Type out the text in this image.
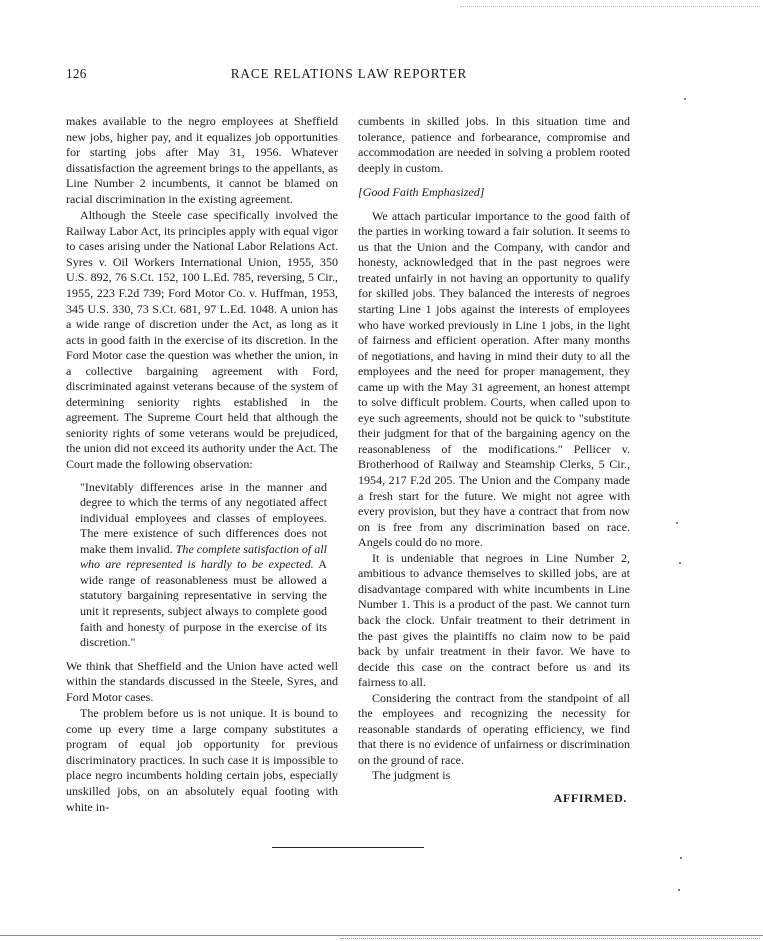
126	RACE RELATIONS LAW REPORTER

makes available to the negro employees at Sheffield new jobs, higher pay, and it equalizes job opportunities for starting jobs after May 31, 1956. Whatever dissatisfaction the agreement brings to the appellants, as Line Number 2 incumbents, it cannot be blamed on racial discrimination in the existing agreement.

Although the Steele case specifically involved the Railway Labor Act, its principles apply with equal vigor to cases arising under the National Labor Relations Act. Syres v. Oil Workers International Union, 1955, 350 U.S. 892, 76 S.Ct. 152, 100 L.Ed. 785, reversing, 5 Cir., 1955, 223 F.2d 739; Ford Motor Co. v. Huffman, 1953, 345 U.S. 330, 73 S.Ct. 681, 97 L.Ed. 1048. A union has a wide range of discretion under the Act, as long as it acts in good faith in the exercise of its discretion. In the Ford Motor case the question was whether the union, in a collective bargaining agreement with Ford, discriminated against veterans because of the system of determining seniority rights established in the agreement. The Supreme Court held that although the seniority rights of some veterans would be prejudiced, the union did not exceed its authority under the Act. The Court made the following observation:

"Inevitably differences arise in the manner and degree to which the terms of any negotiated affect individual employees and classes of employees. The mere existence of such differences does not make them invalid. The complete satisfaction of all who are represented is hardly to be expected. A wide range of reasonableness must be allowed a statutory bargaining representative in serving the unit it represents, subject always to complete good faith and honesty of purpose in the exercise of its discretion."

We think that Sheffield and the Union have acted well within the standards discussed in the Steele, Syres, and Ford Motor cases.

The problem before us is not unique. It is bound to come up every time a large company substitutes a program of equal job opportunity for previous discriminatory practices. In such case it is impossible to place negro incumbents holding certain jobs, especially unskilled jobs, on an absolutely equal footing with white in-

cumbents in skilled jobs. In this situation time and tolerance, patience and forbearance, compromise and accommodation are needed in solving a problem rooted deeply in custom.

[Good Faith Emphasized]

We attach particular importance to the good faith of the parties in working toward a fair solution. It seems to us that the Union and the Company, with candor and honesty, acknowledged that in the past negroes were treated unfairly in not having an opportunity to qualify for skilled jobs. They balanced the interests of negroes starting Line 1 jobs against the interests of employees who have worked previously in Line 1 jobs, in the light of fairness and efficient operation. After many months of negotiations, and having in mind their duty to all the employees and the need for proper management, they came up with the May 31 agreement, an honest attempt to solve difficult problem. Courts, when called upon to eye such agreements, should not be quick to "substitute their judgment for that of the bargaining agency on the reasonableness of the modifications." Pellicer v. Brotherhood of Railway and Steamship Clerks, 5 Cir., 1954, 217 F.2d 205. The Union and the Company made a fresh start for the future. We might not agree with every provision, but they have a contract that from now on is free from any discrimination based on race. Angels could do no more.

It is undeniable that negroes in Line Number 2, ambitious to advance themselves to skilled jobs, are at disadvantage compared with white incumbents in Line Number 1. This is a product of the past. We cannot turn back the clock. Unfair treatment to their detriment in the past gives the plaintiffs no claim now to be paid back by unfair treatment in their favor. We have to decide this case on the contract before us and its fairness to all.

Considering the contract from the standpoint of all the employees and recognizing the necessity for reasonable standards of operating efficiency, we find that there is no evidence of unfairness or discrimination on the ground of race.

The judgment is

AFFIRMED.
